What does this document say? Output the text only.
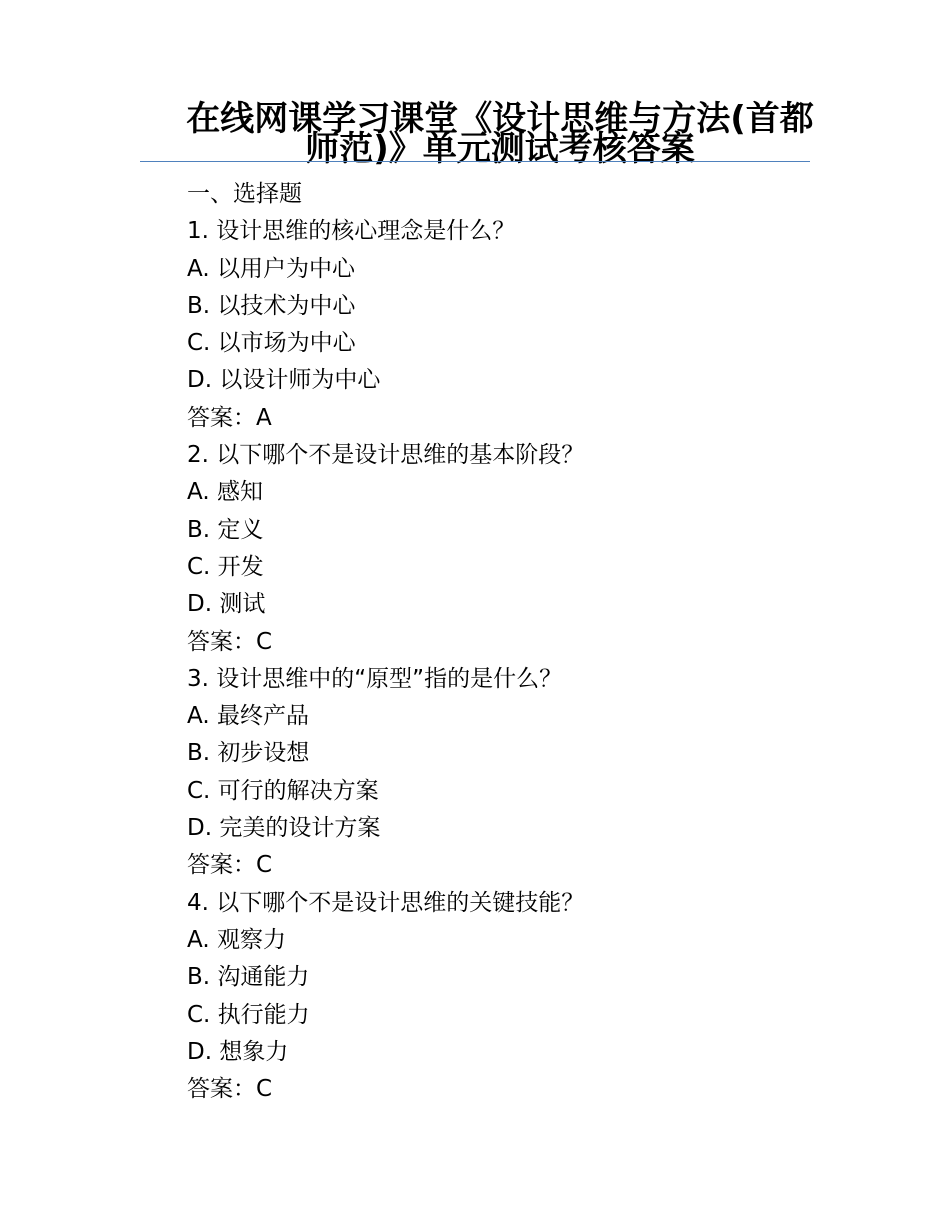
在线网课学习课堂《设计思维与方法(首都师范)》单元测试考核答案
一、选择题
1. 设计思维的核心理念是什么？
A. 以用户为中心
B. 以技术为中心
C. 以市场为中心
D. 以设计师为中心
答案：A
2. 以下哪个不是设计思维的基本阶段？
A. 感知
B. 定义
C. 开发
D. 测试
答案：C
3. 设计思维中的“原型”指的是什么？
A. 最终产品
B. 初步设想
C. 可行的解决方案
D. 完美的设计方案
答案：C
4. 以下哪个不是设计思维的关键技能？
A. 观察力
B. 沟通能力
C. 执行能力
D. 想象力
答案：C
